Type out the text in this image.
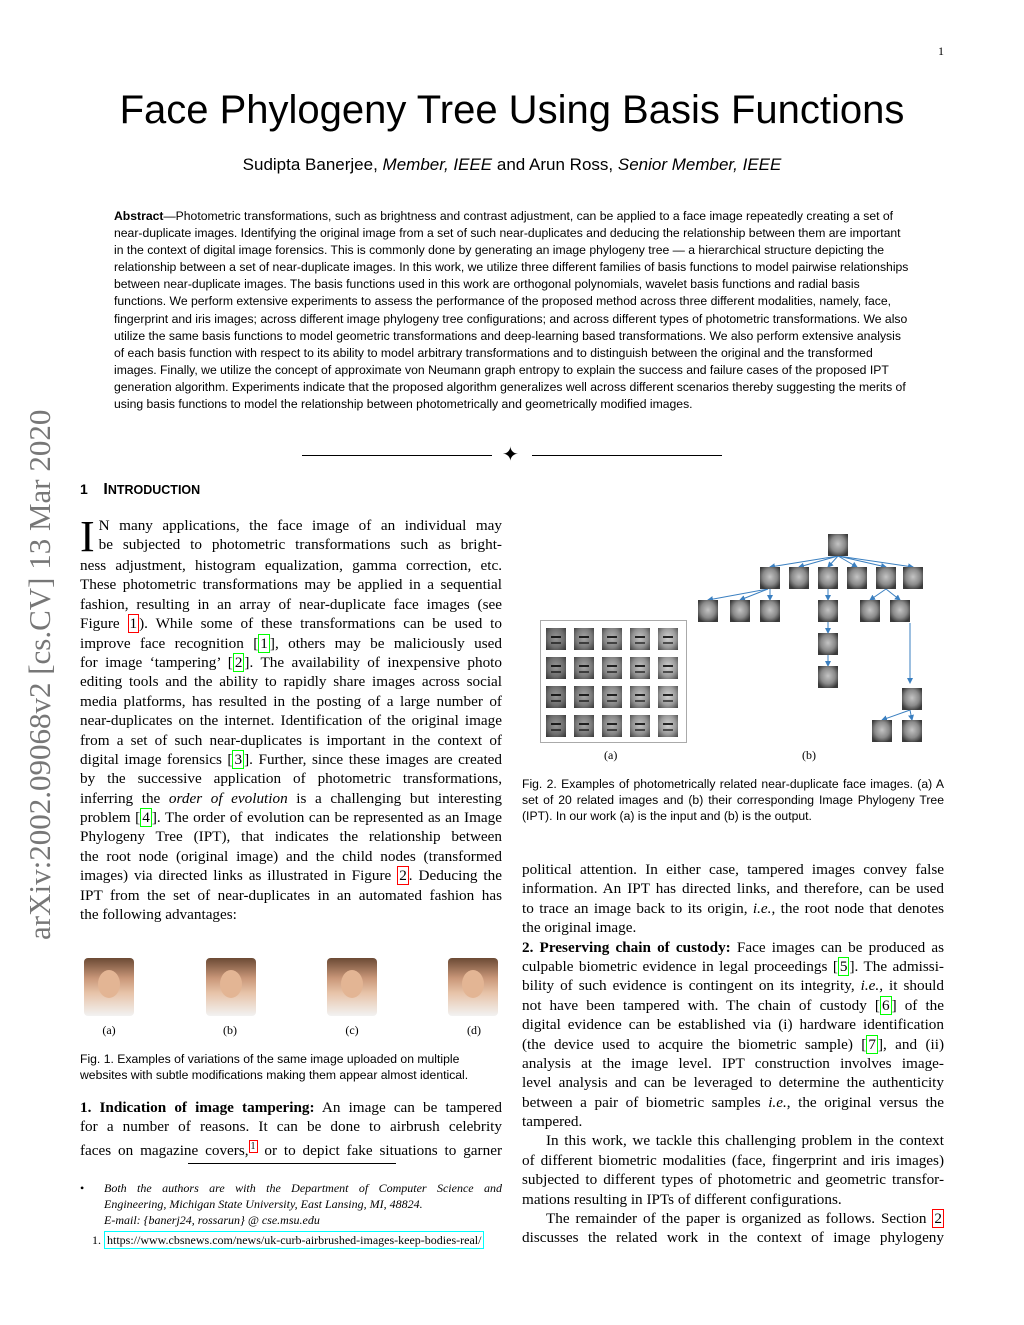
1
arXiv:2002.09068v2 [cs.CV] 13 Mar 2020
Face Phylogeny Tree Using Basis Functions
Sudipta Banerjee, Member, IEEE and Arun Ross, Senior Member, IEEE
Abstract—Photometric transformations, such as brightness and contrast adjustment, can be applied to a face image repeatedly creating a set of near-duplicate images. Identifying the original image from a set of such near-duplicates and deducing the relationship between them are important in the context of digital image forensics. This is commonly done by generating an image phylogeny tree — a hierarchical structure depicting the relationship between a set of near-duplicate images. In this work, we utilize three different families of basis functions to model pairwise relationships between near-duplicate images. The basis functions used in this work are orthogonal polynomials, wavelet basis functions and radial basis functions. We perform extensive experiments to assess the performance of the proposed method across three different modalities, namely, face, fingerprint and iris images; across different image phylogeny tree configurations; and across different types of photometric transformations. We also utilize the same basis functions to model geometric transformations and deep-learning based transformations. We also perform extensive analysis of each basis function with respect to its ability to model arbitrary transformations and to distinguish between the original and the transformed images. Finally, we utilize the concept of approximate von Neumann graph entropy to explain the success and failure cases of the proposed IPT generation algorithm. Experiments indicate that the proposed algorithm generalizes well across different scenarios thereby suggesting the merits of using basis functions to model the relationship between photometrically and geometrically modified images.
✦
1 INTRODUCTION
I N many applications, the face image of an individual may
be subjected to photometric transformations such as bright-
ness adjustment, histogram equalization, gamma correction, etc.
These photometric transformations may be applied in a sequential
fashion, resulting in an array of near-duplicate face images (see
Figure 1 ). While some of these transformations can be used to
improve face recognition [ 1 ], others may be maliciously used
for image ‘tampering’ [ 2 ]. The availability of inexpensive photo
editing tools and the ability to rapidly share images across social
media platforms, has resulted in the posting of a large number of
near-duplicates on the internet. Identification of the original image
from a set of such near-duplicates is important in the context of
digital image forensics [ 3 ]. Further, since these images are created
by the successive application of photometric transformations,
inferring the order of evolution is a challenging but interesting
problem [ 4 ]. The order of evolution can be represented as an Image
Phylogeny Tree (IPT), that indicates the relationship between
the root node (original image) and the child nodes (transformed
images) via directed links as illustrated in Figure 2 . Deducing the
IPT from the set of near-duplicates in an automated fashion has
the following advantages:
(a)	(b)	(c)	(d)
Fig. 1. Examples of variations of the same image uploaded on multiple websites with subtle modifications making them appear almost identical.
1. Indication of image tampering: An image can be tampered
for a number of reasons. It can be done to airbrush celebrity
faces on magazine covers, $^1$ or to depict fake situations to garner
• Both the authors are with the Department of Computer Science and
Engineering, Michigan State University, East Lansing, MI, 48824.
E-mail: {banerj24, rossarun} @ cse.msu.edu
1. https://www.cbsnews.com/news/uk-curb-airbrushed-images-keep-bodies-real/
(a)	(b)
Fig. 2. Examples of photometrically related near-duplicate face images. (a) A set of 20 related images and (b) their corresponding Image Phylogeny Tree (IPT). In our work (a) is the input and (b) is the output.
political attention. In either case, tampered images convey false
information. An IPT has directed links, and therefore, can be used
to trace an image back to its origin, i.e., the root node that denotes
the original image.
2. Preserving chain of custody: Face images can be produced as
culpable biometric evidence in legal proceedings [ 5 ]. The admissi-
bility of such evidence is contingent on its integrity, i.e., it should
not have been tampered with. The chain of custody [ 6 ] of the
digital evidence can be established via (i) hardware identification
(the device used to acquire the biometric sample) [ 7 ], and (ii)
analysis at the image level. IPT construction involves image-
level analysis and can be leveraged to determine the authenticity
between a pair of biometric samples i.e., the original versus the
tampered.
In this work, we tackle this challenging problem in the context
of different biometric modalities (face, fingerprint and iris images)
subjected to different types of photometric and geometric transfor-
mations resulting in IPTs of different configurations.
The remainder of the paper is organized as follows. Section 2
discusses the related work in the context of image phylogeny
